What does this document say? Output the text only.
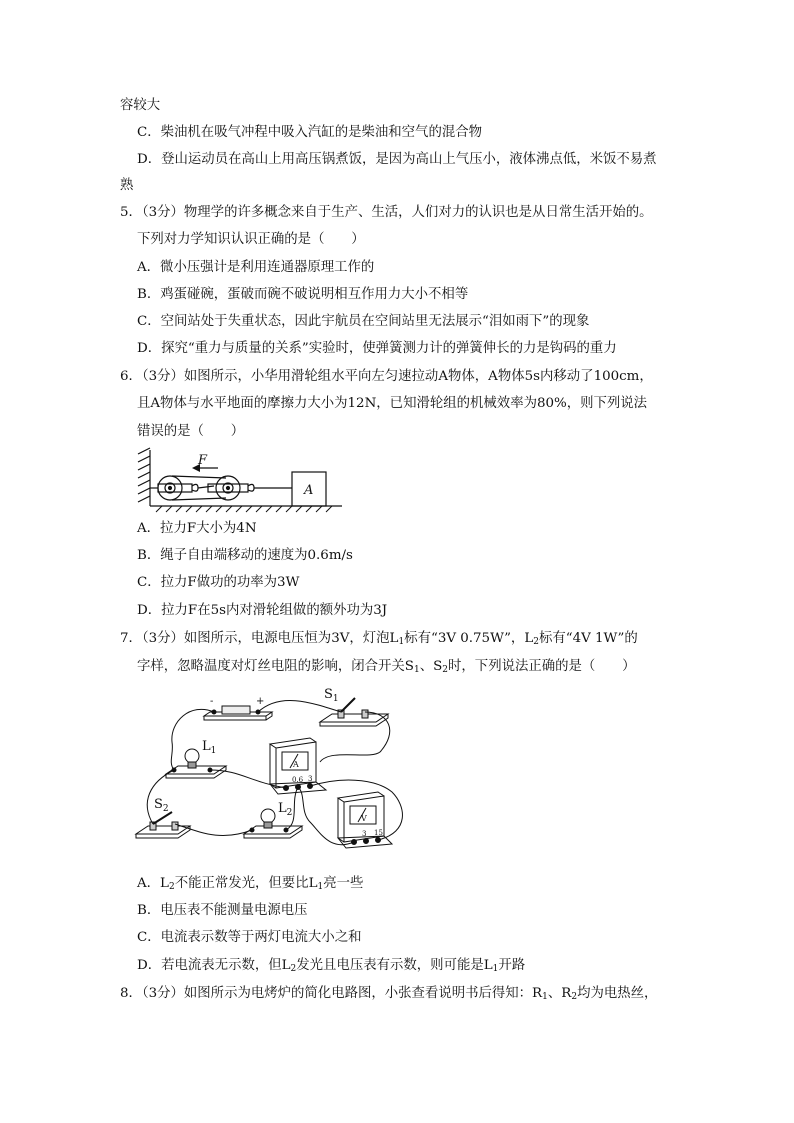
容较大
C．柴油机在吸气冲程中吸入汽缸的是柴油和空气的混合物
D．登山运动员在高山上用高压锅煮饭，是因为高山上气压小，液体沸点低，米饭不易煮
熟
5．（3分）物理学的许多概念来自于生产、生活，人们对力的认识也是从日常生活开始的。
下列对力学知识认识正确的是（　　）
A．微小压强计是利用连通器原理工作的
B．鸡蛋碰碗，蛋破而碗不破说明相互作用力大小不相等
C．空间站处于失重状态，因此宇航员在空间站里无法展示“泪如雨下”的现象
D．探究“重力与质量的关系”实验时，使弹簧测力计的弹簧伸长的力是钩码的重力
6．（3分）如图所示，小华用滑轮组水平向左匀速拉动A物体，A物体5s内移动了100cm，
且A物体与水平地面的摩擦力大小为12N，已知滑轮组的机械效率为80%，则下列说法
错误的是（　　）
F
A
A．拉力F大小为4N
B．绳子自由端移动的速度为0.6m/s
C．拉力F做功的功率为3W
D．拉力F在5s内对滑轮组做的额外功为3J
7．（3分）如图所示，电源电压恒为3V，灯泡$L_1$标有“3V 0.75W”，$L_2$标有“4V 1W”的
字样，忽略温度对灯丝电阻的影响，闭合开关$S_1$、$S_2$时，下列说法正确的是（　　）
-	+	$S_1$
$L_1$
$S_2$	$L_2$
A
V
0.6 3
3 15
A．$L_2$不能正常发光，但要比$L_1$亮一些
B．电压表不能测量电源电压
C．电流表示数等于两灯电流大小之和
D．若电流表无示数，但$L_2$发光且电压表有示数，则可能是$L_1$开路
8．（3分）如图所示为电烤炉的简化电路图，小张查看说明书后得知：$R_1$、$R_2$均为电热丝，
